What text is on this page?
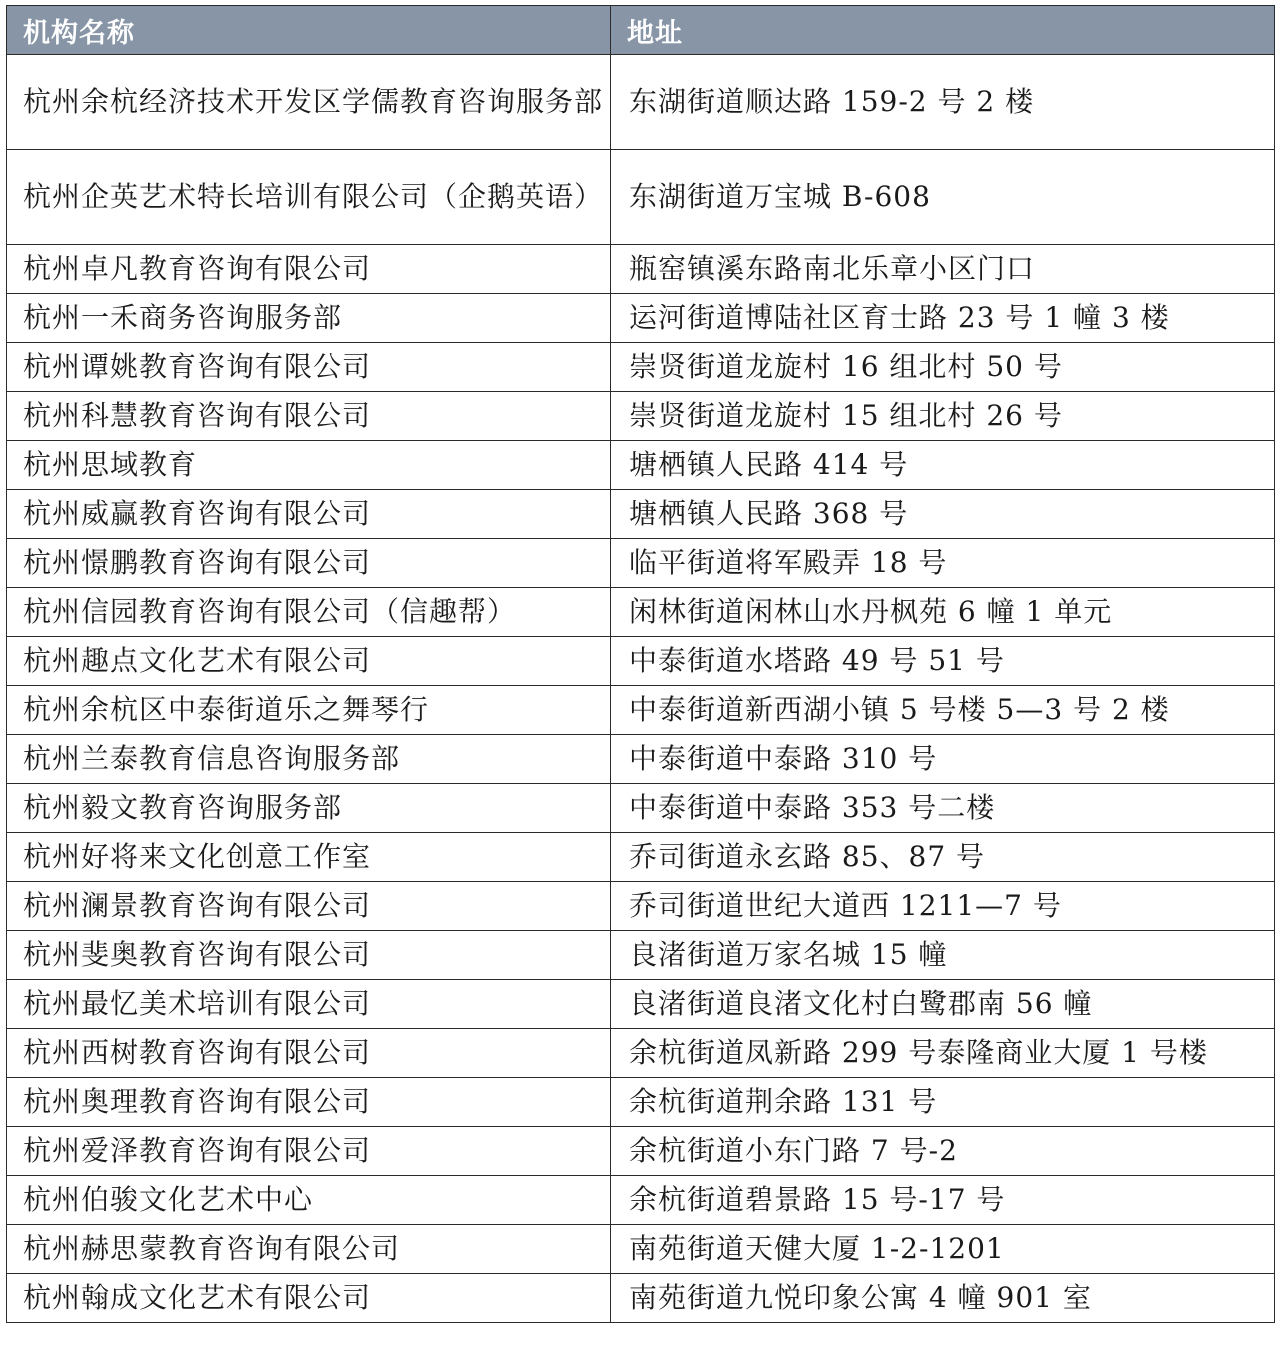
机构名称	地址
杭州余杭经济技术开发区学儒教育咨询服务部	东湖街道顺达路 159-2 号 2 楼
杭州企英艺术特长培训有限公司（企鹅英语）	东湖街道万宝城 B-608
杭州卓凡教育咨询有限公司	瓶窑镇溪东路南北乐章小区门口
杭州一禾商务咨询服务部	运河街道博陆社区育士路 23 号 1 幢 3 楼
杭州谭姚教育咨询有限公司	崇贤街道龙旋村 16 组北村 50 号
杭州科慧教育咨询有限公司	崇贤街道龙旋村 15 组北村 26 号
杭州思域教育	塘栖镇人民路 414 号
杭州威赢教育咨询有限公司	塘栖镇人民路 368 号
杭州憬鹏教育咨询有限公司	临平街道将军殿弄 18 号
杭州信园教育咨询有限公司（信趣帮）	闲林街道闲林山水丹枫苑 6 幢 1 单元
杭州趣点文化艺术有限公司	中泰街道水塔路 49 号 51 号
杭州余杭区中泰街道乐之舞琴行	中泰街道新西湖小镇 5 号楼 5—3 号 2 楼
杭州兰泰教育信息咨询服务部	中泰街道中泰路 310 号
杭州毅文教育咨询服务部	中泰街道中泰路 353 号二楼
杭州好将来文化创意工作室	乔司街道永玄路 85、87 号
杭州澜景教育咨询有限公司	乔司街道世纪大道西 1211—7 号
杭州斐奥教育咨询有限公司	良渚街道万家名城 15 幢
杭州最忆美术培训有限公司	良渚街道良渚文化村白鹭郡南 56 幢
杭州西树教育咨询有限公司	余杭街道凤新路 299 号泰隆商业大厦 1 号楼
杭州奥理教育咨询有限公司	余杭街道荆余路 131 号
杭州爱泽教育咨询有限公司	余杭街道小东门路 7 号-2
杭州伯骏文化艺术中心	余杭街道碧景路 15 号-17 号
杭州赫思蒙教育咨询有限公司	南苑街道天健大厦 1-2-1201
杭州翰成文化艺术有限公司	南苑街道九悦印象公寓 4 幢 901 室
